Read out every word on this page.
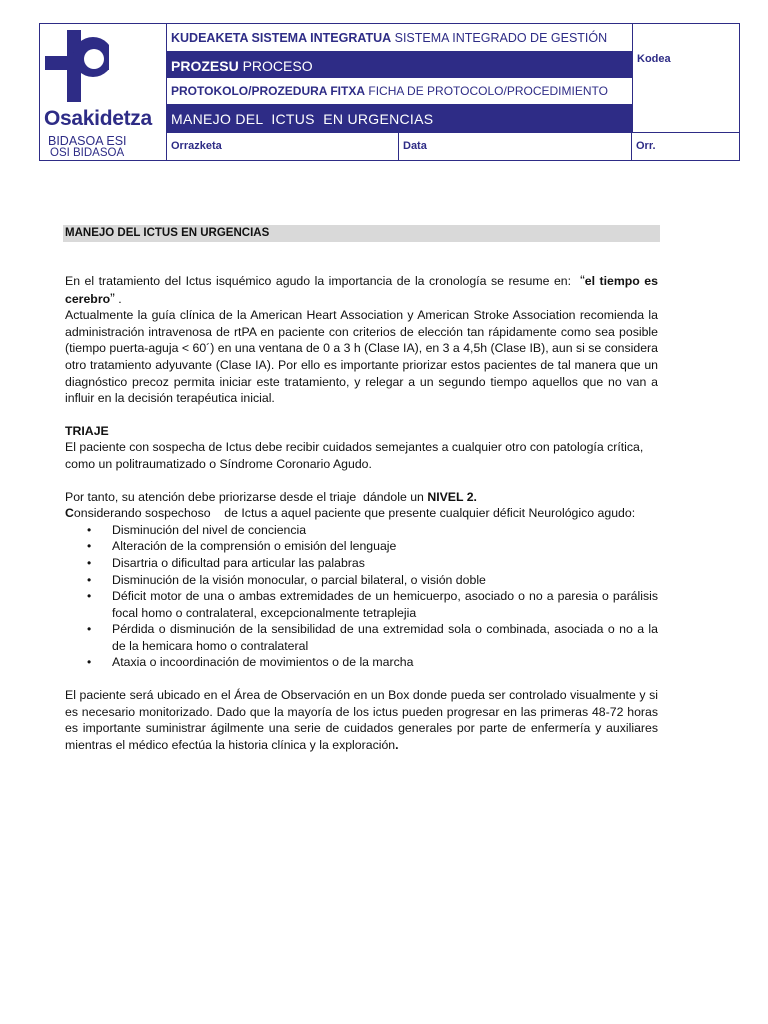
Osakidetza
BIDASOA ESI
OSI BIDASOA
KUDEAKETA SISTEMA INTEGRATUA SISTEMA INTEGRADO DE GESTIÓN
PROZESU PROCESO
PROTOKOLO/PROZEDURA FITXA FICHA DE PROTOCOLO/PROCEDIMIENTO
MANEJO DEL  ICTUS  EN URGENCIAS
Kodea
Orrazketa	Data	Orr.
MANEJO DEL ICTUS EN URGENCIAS

En el tratamiento del Ictus isquémico agudo la importancia de la cronología se resume en:  “el tiempo es cerebro” .

Actualmente la guía clínica de la American Heart Association y American Stroke Association recomienda la administración intravenosa de rtPA en paciente con criterios de elección tan rápidamente como sea posible (tiempo puerta-aguja < 60´) en una ventana de 0 a 3 h (Clase IA), en 3 a 4,5h (Clase IB), aun si se considera otro tratamiento adyuvante (Clase IA). Por ello es importante priorizar estos pacientes de tal manera que un diagnóstico precoz permita iniciar este tratamiento, y relegar a un segundo tiempo aquellos que no van a influir en la decisión terapéutica inicial.

TRIAJE

El paciente con sospecha de Ictus debe recibir cuidados semejantes a cualquier otro con patología crítica, como un politraumatizado o Síndrome Coronario Agudo.

Por tanto, su atención debe priorizarse desde el triaje  dándole un NIVEL 2.

Considerando sospechoso    de Ictus a aquel paciente que presente cualquier déficit Neurológico agudo:

• Disminución del nivel de conciencia
• Alteración de la comprensión o emisión del lenguaje
• Disartria o dificultad para articular las palabras
• Disminución de la visión monocular, o parcial bilateral, o visión doble
• Déficit motor de una o ambas extremidades de un hemicuerpo, asociado o no a paresia o parálisis focal homo o contralateral, excepcionalmente tetraplejia
• Pérdida o disminución de la sensibilidad de una extremidad sola o combinada, asociada o no a la de la hemicara homo o contralateral
• Ataxia o incoordinación de movimientos o de la marcha

El paciente será ubicado en el Área de Observación en un Box donde pueda ser controlado visualmente y si es necesario monitorizado. Dado que la mayoría de los ictus pueden progresar en las primeras 48-72 horas es importante suministrar ágilmente una serie de cuidados generales por parte de enfermería y auxiliares mientras el médico efectúa la historia clínica y la exploración.
